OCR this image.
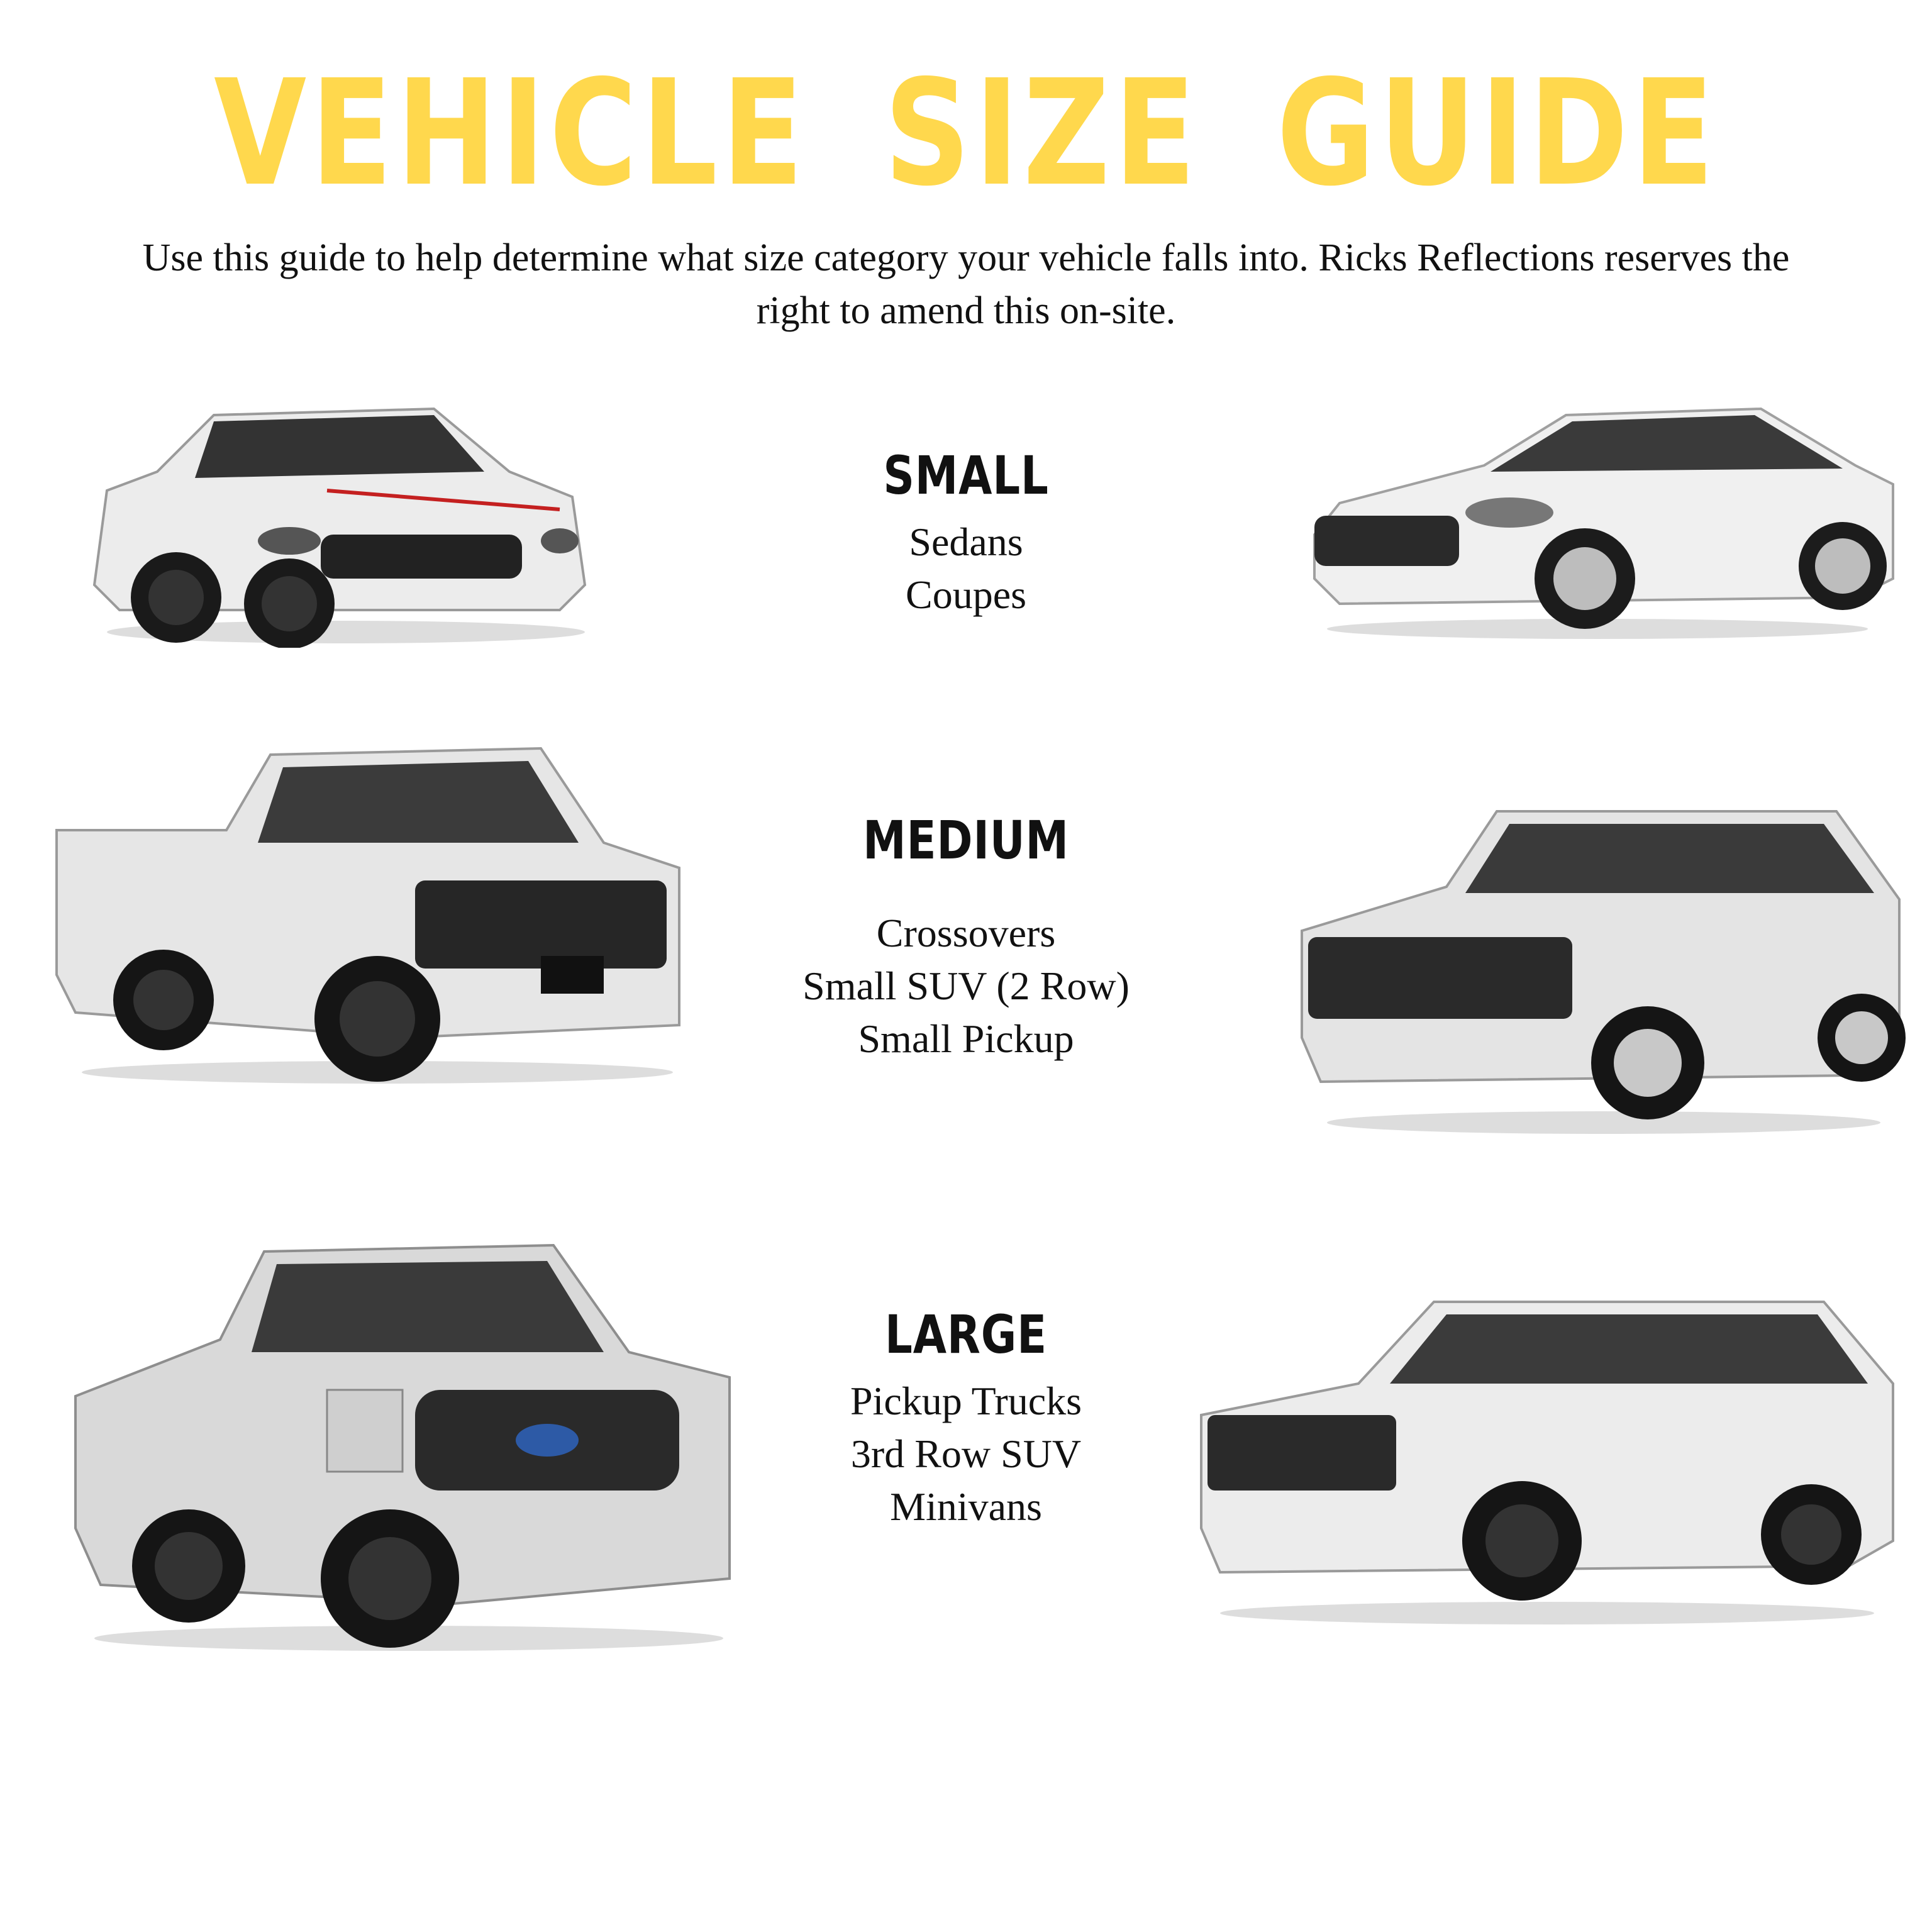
VEHICLE SIZE GUIDE
Use this guide to help determine what size category your vehicle falls into. Ricks Reflections reserves the right to amend this on-site.
SMALL
Sedans
Coupes
MEDIUM
Crossovers
Small SUV (2 Row)
Small Pickup
LARGE
Pickup Trucks
3rd Row SUV
Minivans
